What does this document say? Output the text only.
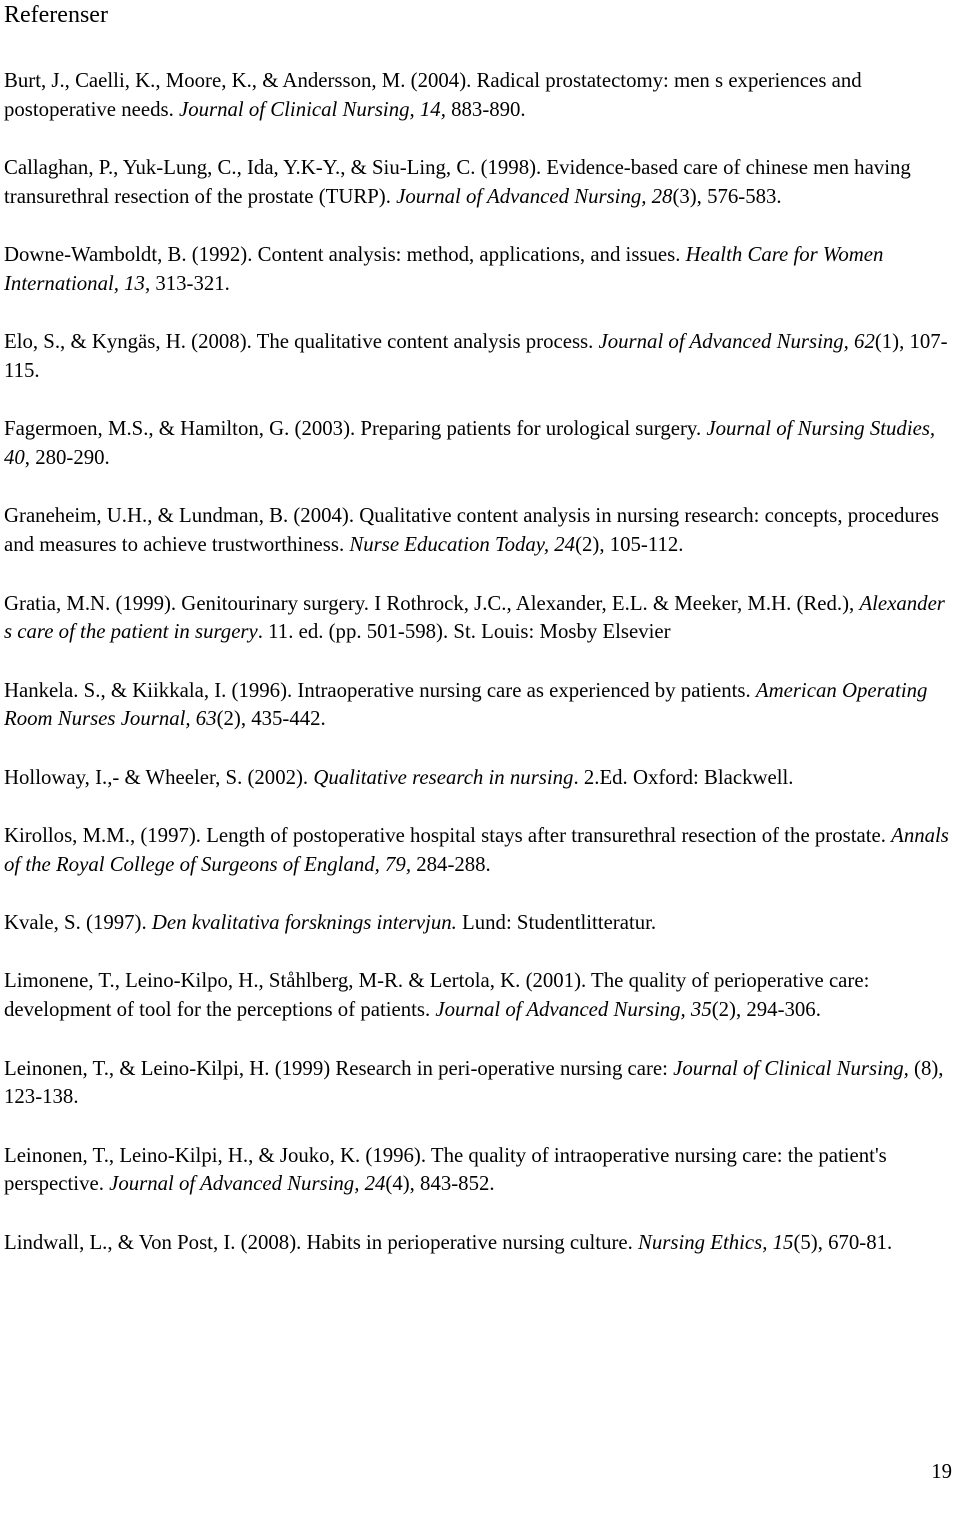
Referenser

Burt, J., Caelli, K., Moore, K., & Andersson, M. (2004). Radical prostatectomy: men s experiences and postoperative needs. Journal of Clinical Nursing, 14, 883-890.

Callaghan, P., Yuk-Lung, C., Ida, Y.K-Y., & Siu-Ling, C. (1998). Evidence-based care of chinese men having transurethral resection of the prostate (TURP). Journal of Advanced Nursing, 28(3), 576-583.

Downe-Wamboldt, B. (1992). Content analysis: method, applications, and issues. Health Care for Women International, 13, 313-321.

Elo, S., & Kyngäs, H. (2008). The qualitative content analysis process. Journal of Advanced Nursing, 62(1), 107-115.

Fagermoen, M.S., & Hamilton, G. (2003). Preparing patients for urological surgery. Journal of Nursing Studies, 40, 280-290.

Graneheim, U.H., & Lundman, B. (2004). Qualitative content analysis in nursing research: concepts, procedures and measures to achieve trustworthiness. Nurse Education Today, 24(2), 105-112.

Gratia, M.N. (1999). Genitourinary surgery. I Rothrock, J.C., Alexander, E.L. & Meeker, M.H. (Red.), Alexander s care of the patient in surgery. 11. ed. (pp. 501-598). St. Louis: Mosby Elsevier

Hankela. S., & Kiikkala, I. (1996). Intraoperative nursing care as experienced by patients. American Operating Room Nurses Journal, 63(2), 435-442.

Holloway, I.,- & Wheeler, S. (2002). Qualitative research in nursing. 2.Ed. Oxford: Blackwell.

Kirollos, M.M., (1997). Length of postoperative hospital stays after transurethral resection of the prostate. Annals of the Royal College of Surgeons of England, 79, 284-288.

Kvale, S. (1997). Den kvalitativa forsknings intervjun. Lund: Studentlitteratur.

Limonene, T., Leino-Kilpo, H., Ståhlberg, M-R. & Lertola, K. (2001). The quality of perioperative care: development of tool for the perceptions of patients. Journal of Advanced Nursing, 35(2), 294-306.

Leinonen, T., & Leino-Kilpi, H. (1999) Research in peri-operative nursing care: Journal of Clinical Nursing, (8), 123-138.

Leinonen, T., Leino-Kilpi, H., & Jouko, K. (1996). The quality of intraoperative nursing care: the patient's perspective. Journal of Advanced Nursing, 24(4), 843-852.

Lindwall, L., & Von Post, I. (2008). Habits in perioperative nursing culture. Nursing Ethics, 15(5), 670-81.

19
